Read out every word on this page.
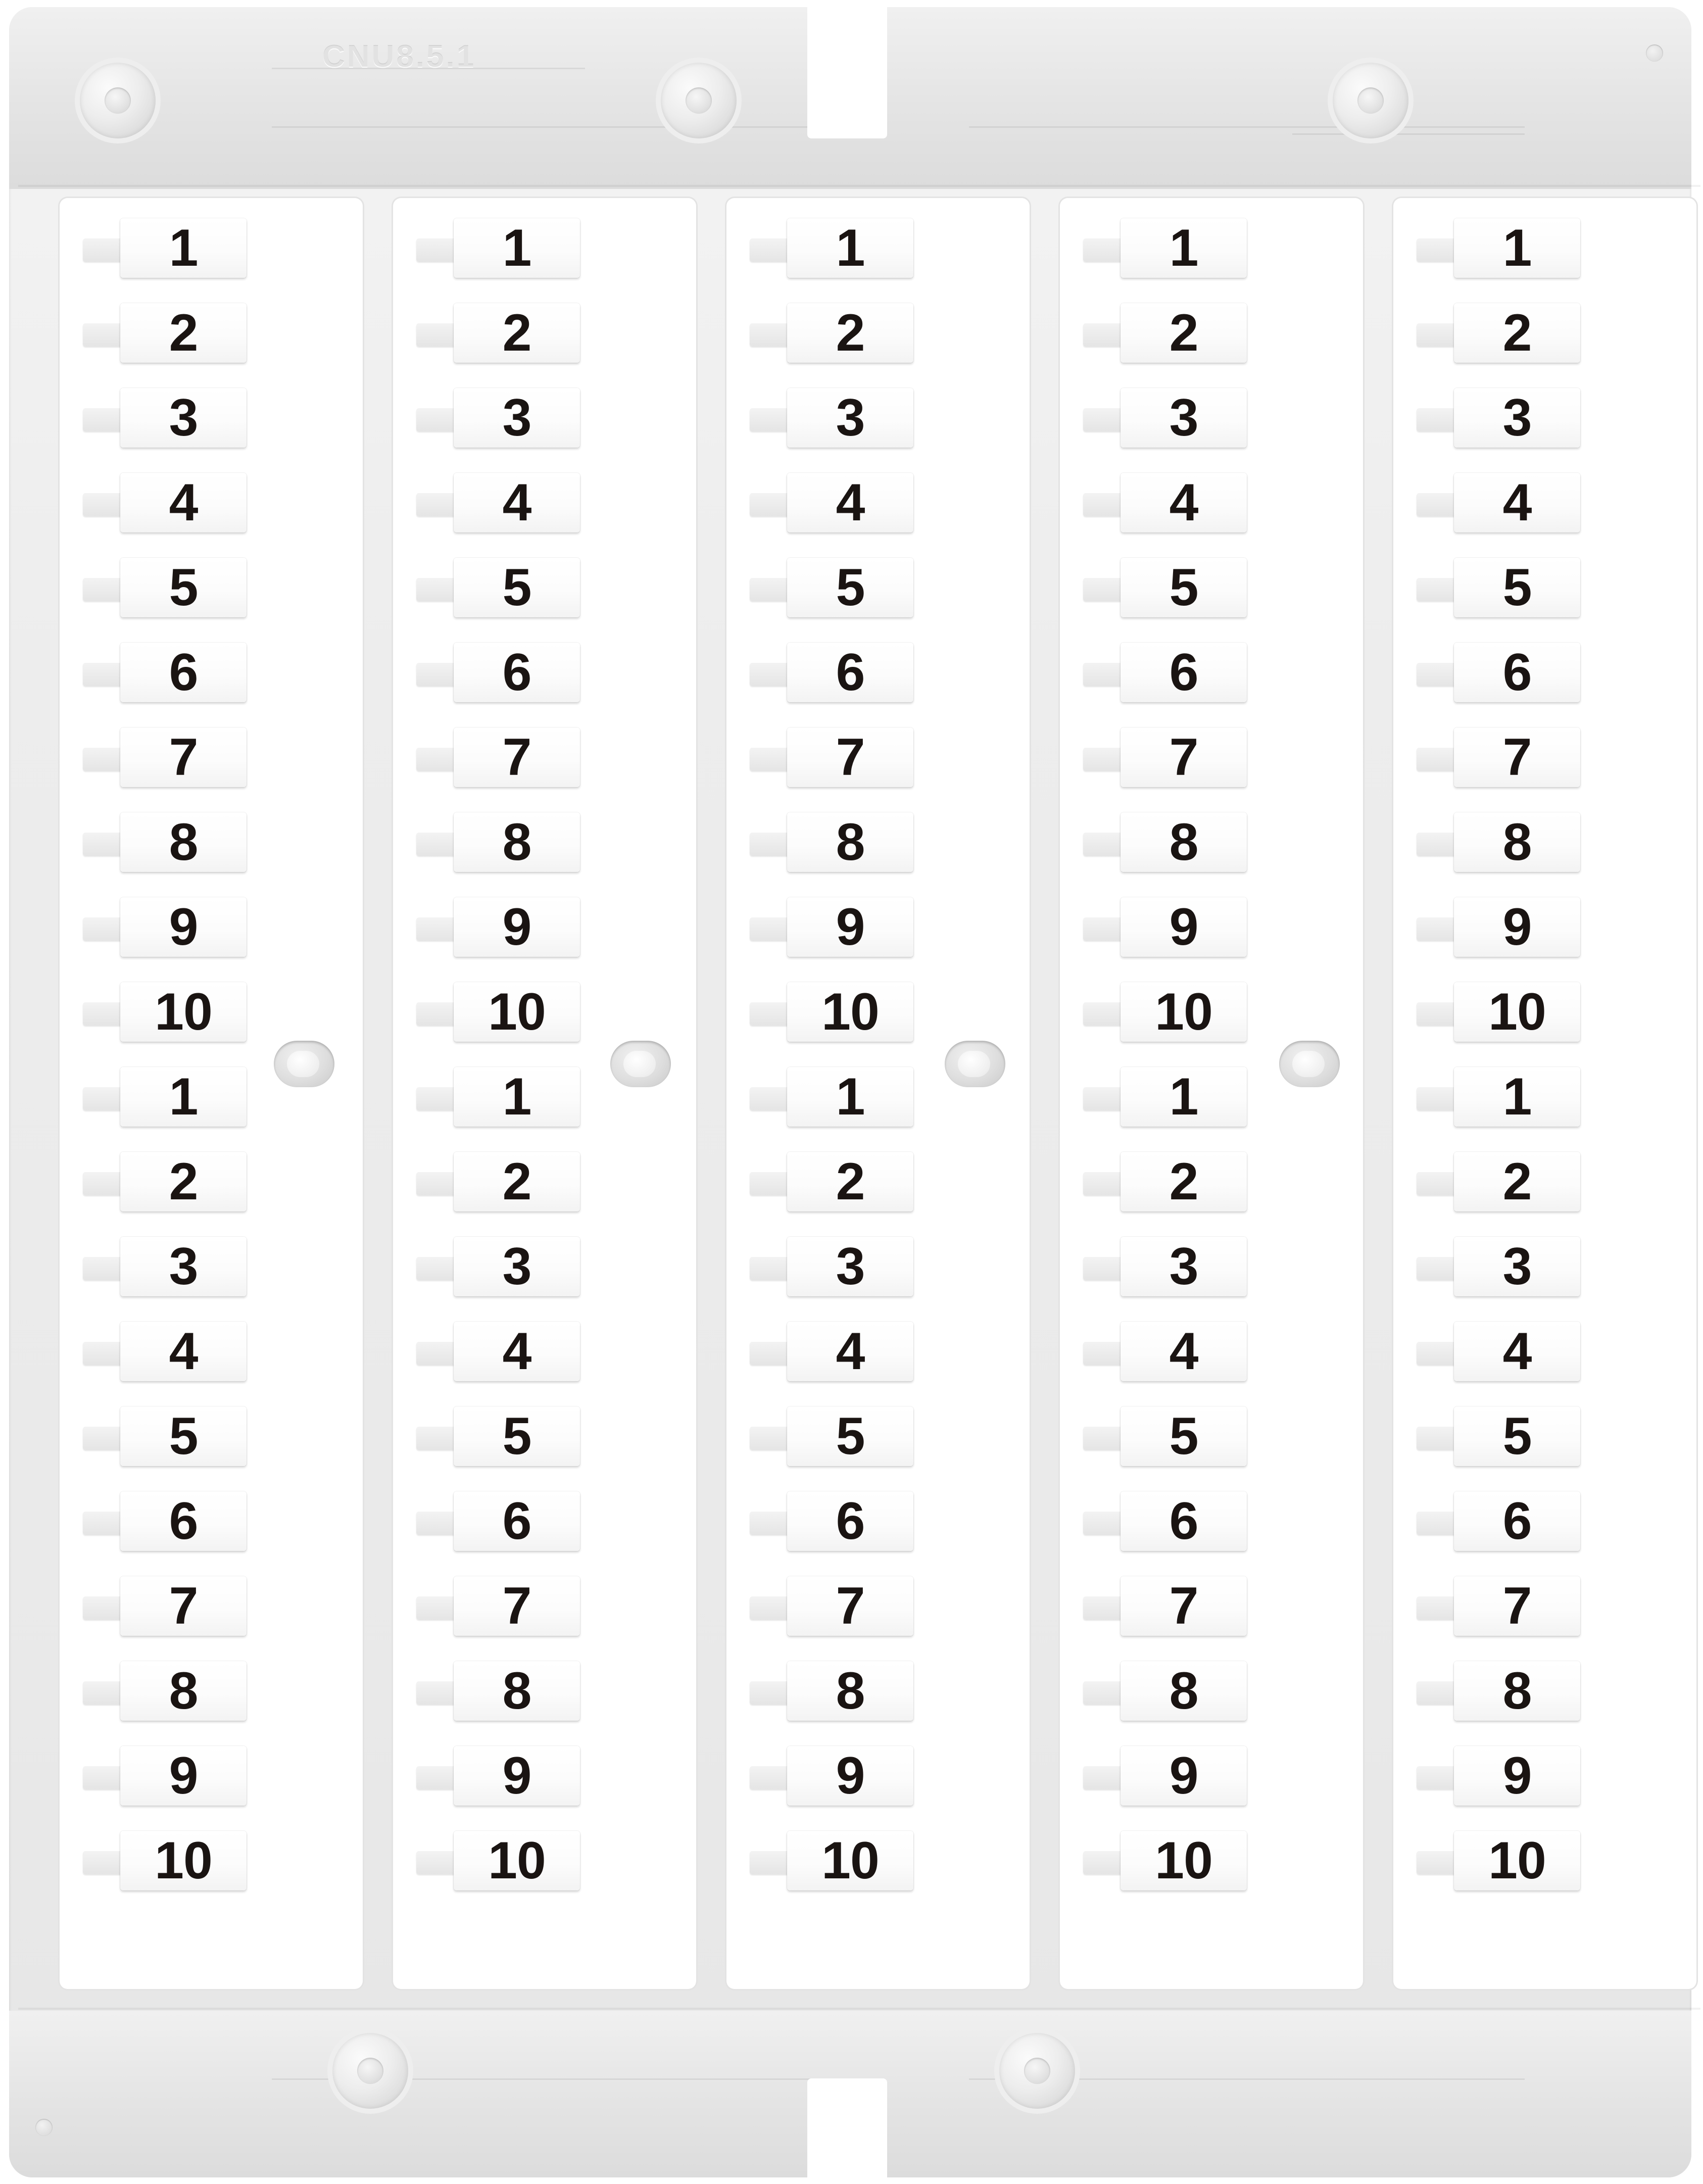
CNU8.5.1
1
2
3
4
5
6
7
8
9
10
1
2
3
4
5
6
7
8
9
10
1
2
3
4
5
6
7
8
9
10
1
2
3
4
5
6
7
8
9
10
1
2
3
4
5
6
7
8
9
10
1
2
3
4
5
6
7
8
9
10
1
2
3
4
5
6
7
8
9
10
1
2
3
4
5
6
7
8
9
10
1
2
3
4
5
6
7
8
9
10
1
2
3
4
5
6
7
8
9
10
